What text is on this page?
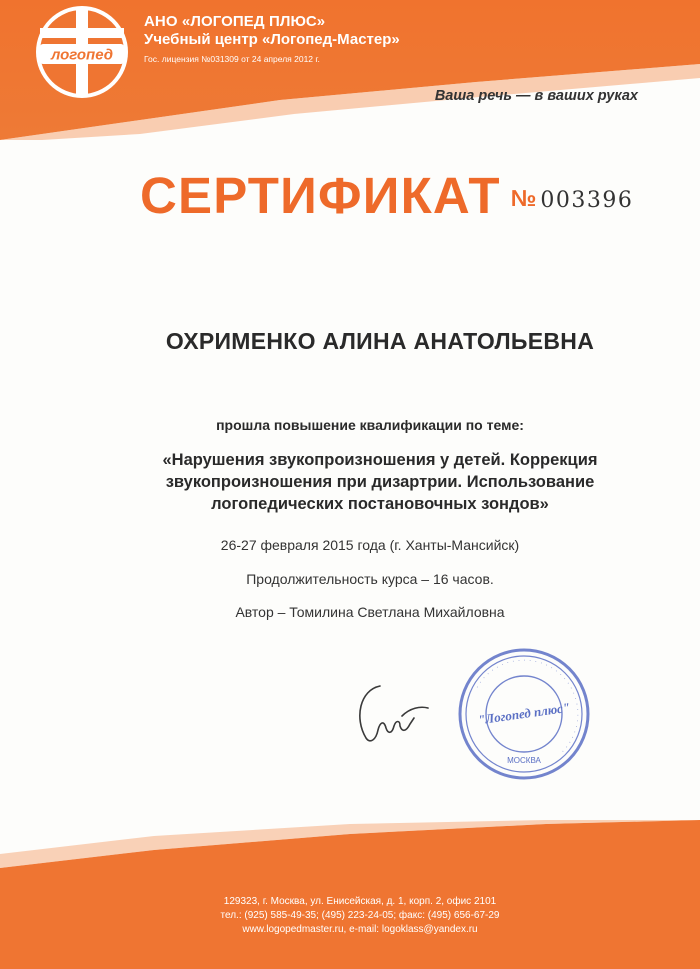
логопед
АНО «ЛОГОПЕД ПЛЮС»
Учебный центр «Логопед-Мастер»
Гос. лицензия №031309 от 24 апреля 2012 г.
Ваша речь — в ваших руках
СЕРТИФИКАТ № 003396
ОХРИМЕНКО АЛИНА АНАТОЛЬЕВНА
прошла повышение квалификации по теме:
«Нарушения звукопроизношения у детей. Коррекция
звукопроизношения при дизартрии. Использование
логопедических постановочных зондов»
26-27 февраля 2015 года (г. Ханты-Мансийск)
Продолжительность курса – 16 часов.
Автор – Томилина Светлана Михайловна
· · · · · · · · · · · · · · · · · · · · · · · · · · · · · · · · ·
"Логопед плюс"
МОСКВА
129323, г. Москва, ул. Енисейская, д. 1, корп. 2, офис 2101
тел.: (925) 585-49-35; (495) 223-24-05; факс: (495) 656-67-29
www.logopedmaster.ru, e-mail: logoklass@yandex.ru
